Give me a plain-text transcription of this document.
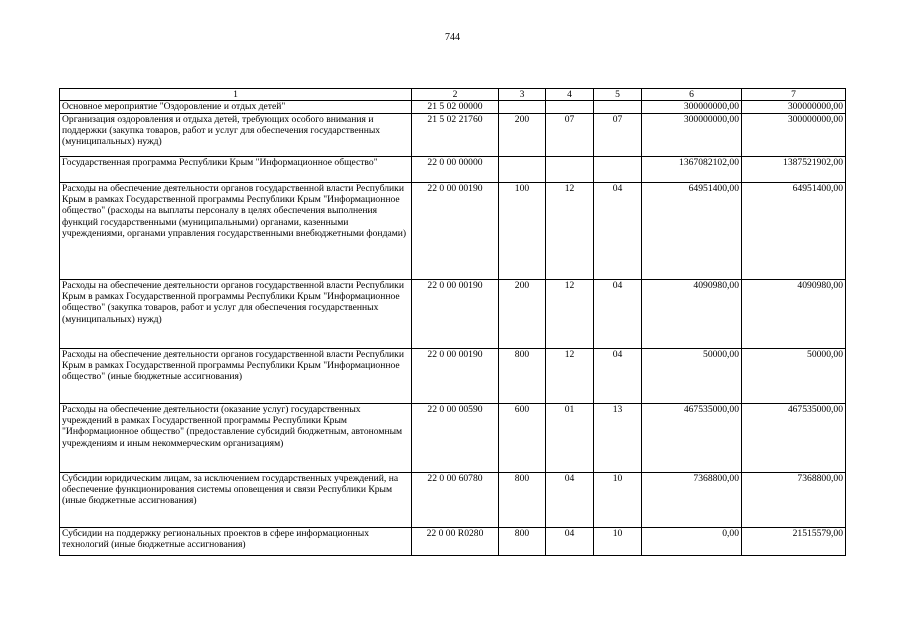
744
1	2	3	4	5	6	7
Основное мероприятие "Оздоровление и отдых детей"	21 5 02 00000				300000000,00	300000000,00
Организация оздоровления и отдыха детей, требующих особого внимания и поддержки (закупка товаров, работ и услуг для обеспечения государственных (муниципальных) нужд)	21 5 02 21760	200	07	07	300000000,00	300000000,00
Государственная программа Республики Крым "Информационное общество"	22 0 00 00000				1367082102,00	1387521902,00
Расходы на обеспечение деятельности органов государственной власти Республики Крым в рамках Государственной программы Республики Крым "Информационное общество" (расходы на выплаты персоналу в целях обеспечения выполнения функций государственными (муниципальными) органами, казенными учреждениями, органами управления государственными внебюджетными фондами)	22 0 00 00190	100	12	04	64951400,00	64951400,00
Расходы на обеспечение деятельности органов государственной власти Республики Крым в рамках Государственной программы Республики Крым "Информационное общество" (закупка товаров, работ и услуг для обеспечения государственных (муниципальных) нужд)	22 0 00 00190	200	12	04	4090980,00	4090980,00
Расходы на обеспечение деятельности органов государственной власти Республики Крым в рамках Государственной программы Республики Крым "Информационное общество" (иные бюджетные ассигнования)	22 0 00 00190	800	12	04	50000,00	50000,00
Расходы на обеспечение деятельности (оказание услуг) государственных учреждений в рамках Государственной программы Республики Крым "Информационное общество" (предоставление субсидий бюджетным, автономным учреждениям и иным некоммерческим организациям)	22 0 00 00590	600	01	13	467535000,00	467535000,00
Субсидии юридическим лицам, за исключением государственных учреждений, на обеспечение функционирования системы оповещения и связи Республики Крым (иные бюджетные ассигнования)	22 0 00 60780	800	04	10	7368800,00	7368800,00
Субсидии на поддержку региональных проектов в сфере информационных технологий (иные бюджетные ассигнования)	22 0 00 R0280	800	04	10	0,00	21515579,00
